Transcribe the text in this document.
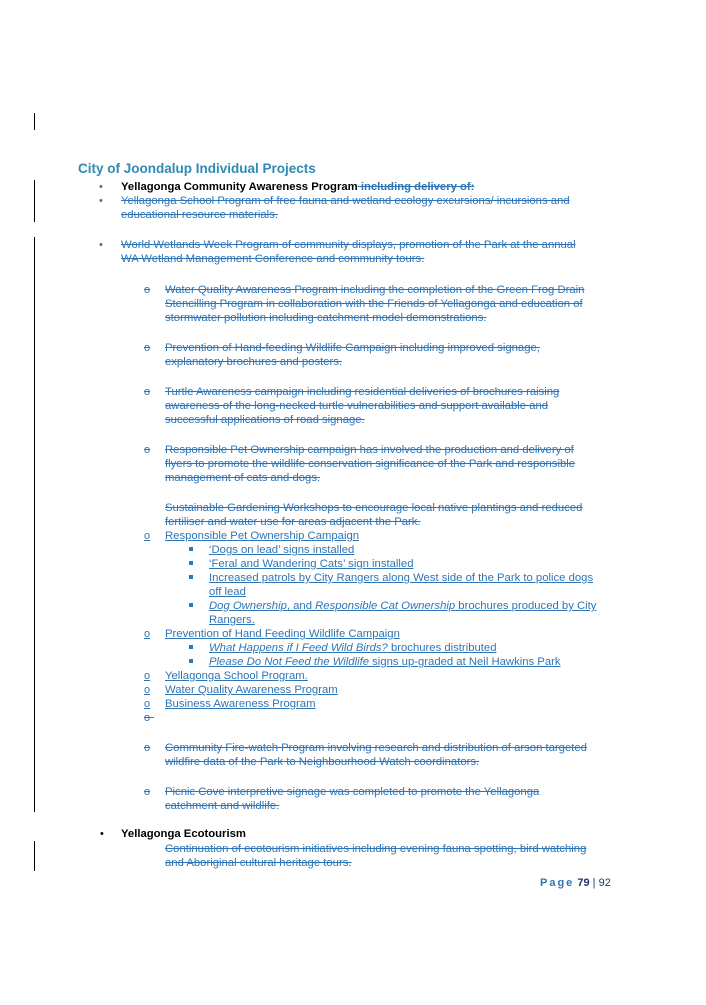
City of Joondalup Individual Projects
• Yellagonga Community Awareness Program including delivery of:
• Yellagonga School Program of free fauna and wetland ecology excursions/ incursions and
educational resource materials.
• World Wetlands Week Program of community displays, promotion of the Park at the annual
WA Wetland Management Conference and community tours.
o Water Quality Awareness Program including the completion of the Green Frog Drain
Stencilling Program in collaboration with the Friends of Yellagonga and education of
stormwater pollution including catchment model demonstrations.
o Prevention of Hand-feeding Wildlife Campaign including improved signage,
explanatory brochures and posters.
o Turtle Awareness campaign including residential deliveries of brochures raising
awareness of the long-necked turtle vulnerabilities and support available and
successful applications of road signage.
o Responsible Pet Ownership campaign has involved the production and delivery of
flyers to promote the wildlife conservation significance of the Park and responsible
management of cats and dogs.
Sustainable Gardening Workshops to encourage local native plantings and reduced
fertiliser and water use for areas adjacent the Park.
o Responsible Pet Ownership Campaign
‘Dogs on lead’ signs installed
‘Feral and Wandering Cats’ sign installed
Increased patrols by City Rangers along West side of the Park to police dogs
off lead
Dog Ownership, and Responsible Cat Ownership brochures produced by City
Rangers.
o Prevention of Hand Feeding Wildlife Campaign
What Happens if I Feed Wild Birds? brochures distributed
Please Do Not Feed the Wildlife signs up-graded at Neil Hawkins Park
o Yellagonga School Program.
o Water Quality Awareness Program
o Business Awareness Program
o    
o Community Fire-watch Program involving research and distribution of arson targeted
wildfire data of the Park to Neighbourhood Watch coordinators.
o Picnic Cove interpretive signage was completed to promote the Yellagonga
catchment and wildlife.
• Yellagonga Ecotourism
Continuation of ecotourism initiatives including evening fauna spotting, bird watching
and Aboriginal cultural heritage tours.
Page 79 | 92
